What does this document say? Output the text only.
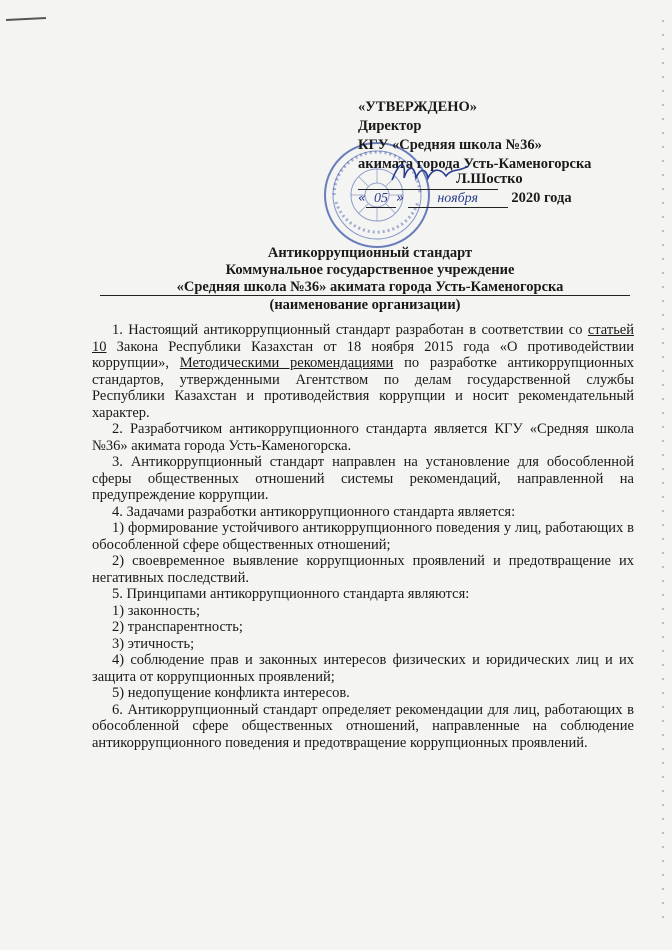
«УТВЕРЖДЕНО»
Директор
КГУ «Средняя школа №36»
акимата города Усть-Каменогорска
Л.Шостко
« 05 » ноября 2020 года
Антикоррупционный стандарт
Коммунальное государственное учреждение
«Средняя школа №36» акимата города Усть-Каменогорска
(наименование организации)

1. Настоящий антикоррупционный стандарт разработан в соответствии со статьей 10 Закона Республики Казахстан от 18 ноября 2015 года «О противодействии коррупции», Методическими рекомендациями по разработке антикоррупционных стандартов, утвержденными Агентством по делам государственной службы Республики Казахстан и противодействия коррупции и носит рекомендательный характер.

2. Разработчиком антикоррупционного стандарта является КГУ «Средняя школа №36» акимата города Усть-Каменогорска.

3. Антикоррупционный стандарт направлен на установление для обособленной сферы общественных отношений системы рекомендаций, направленной на предупреждение коррупции.

4. Задачами разработки антикоррупционного стандарта является:

1) формирование устойчивого антикоррупционного поведения у лиц, работающих в обособленной сфере общественных отношений;

2) своевременное выявление коррупционных проявлений и предотвращение их негативных последствий.

5. Принципами антикоррупционного стандарта являются:

1) законность;

2) транспарентность;

3) этичность;

4) соблюдение прав и законных интересов физических и юридических лиц и их защита от коррупционных проявлений;

5) недопущение конфликта интересов.

6. Антикоррупционный стандарт определяет рекомендации для лиц, работающих в обособленной сфере общественных отношений, направленные на соблюдение антикоррупционного поведения и предотвращение коррупционных проявлений.
